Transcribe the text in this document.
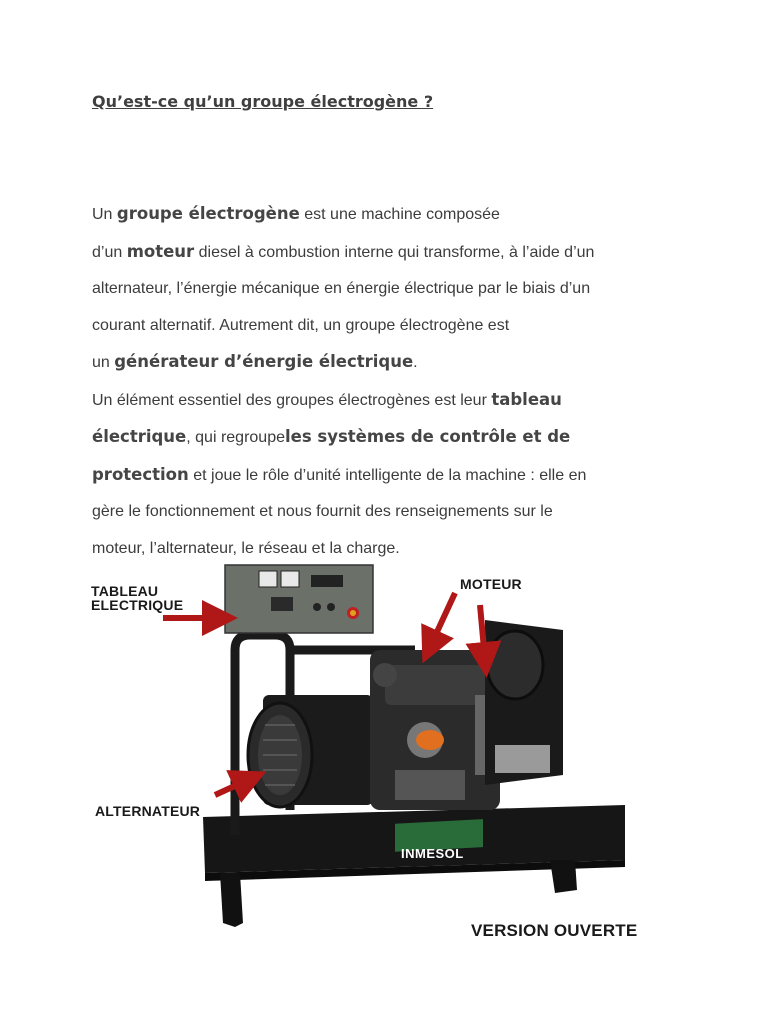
Qu’est-ce qu’un groupe électrogène ?

Un groupe électrogène est une machine composée
d’un moteur diesel à combustion interne qui transforme, à l’aide d’un
alternateur, l’énergie mécanique en énergie électrique par le biais d’un
courant alternatif. Autrement dit, un groupe électrogène est
un générateur d’énergie électrique.
Un élément essentiel des groupes électrogènes est leur tableau
électrique, qui regroupeles systèmes de contrôle et de
protection et joue le rôle d’unité intelligente de la machine : elle en
gère le fonctionnement et nous fournit des renseignements sur le
moteur, l’alternateur, le réseau et la charge.

TABLEAU
ELECTRIQUE
MOTEUR
ALTERNATEUR
INMESOL
VERSION OUVERTE
